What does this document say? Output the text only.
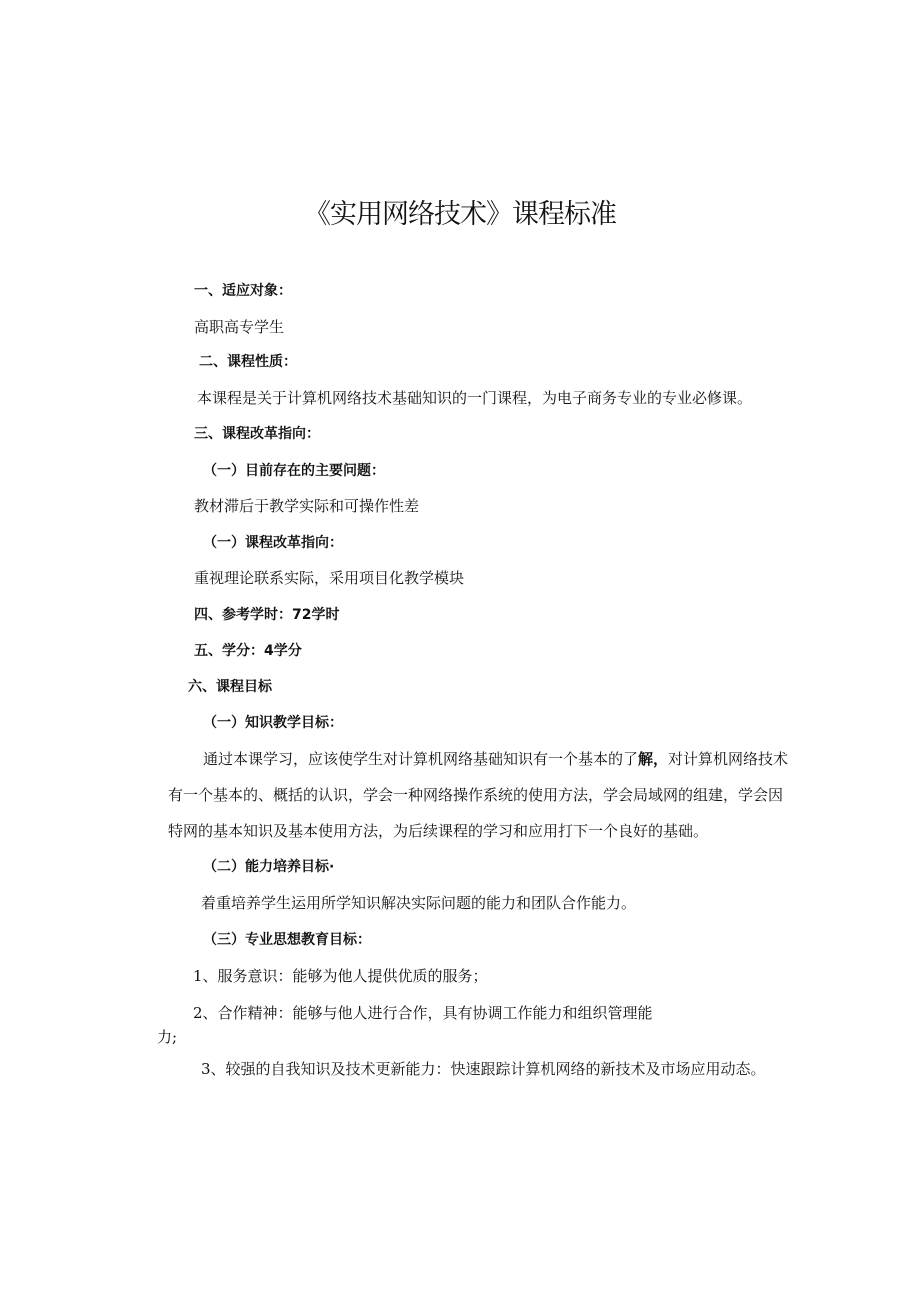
《实用网络技术》课程标准
一、适应对象：
高职高专学生
二、课程性质：
本课程是关于计算机网络技术基础知识的一门课程，为电子商务专业的专业必修课。
三、课程改革指向：
（一）目前存在的主要问题：
教材滞后于教学实际和可操作性差
（一）课程改革指向：
重视理论联系实际，采用项目化教学模块
四、参考学时：72学时
五、学分：4学分
六、课程目标
（一）知识教学目标：
通过本课学习，应该使学生对计算机网络基础知识有一个基本的了解，对计算机网络技术
有一个基本的、概括的认识，学会一种网络操作系统的使用方法，学会局域网的组建，学会因
特网的基本知识及基本使用方法，为后续课程的学习和应用打下一个良好的基础。
（二）能力培养目标·
着重培养学生运用所学知识解决实际问题的能力和团队合作能力。
（三）专业思想教育目标：
1、服务意识：能够为他人提供优质的服务；
2、合作精神：能够与他人进行合作，具有协调工作能力和组织管理能
力;
3、较强的自我知识及技术更新能力：快速跟踪计算机网络的新技术及市场应用动态。
